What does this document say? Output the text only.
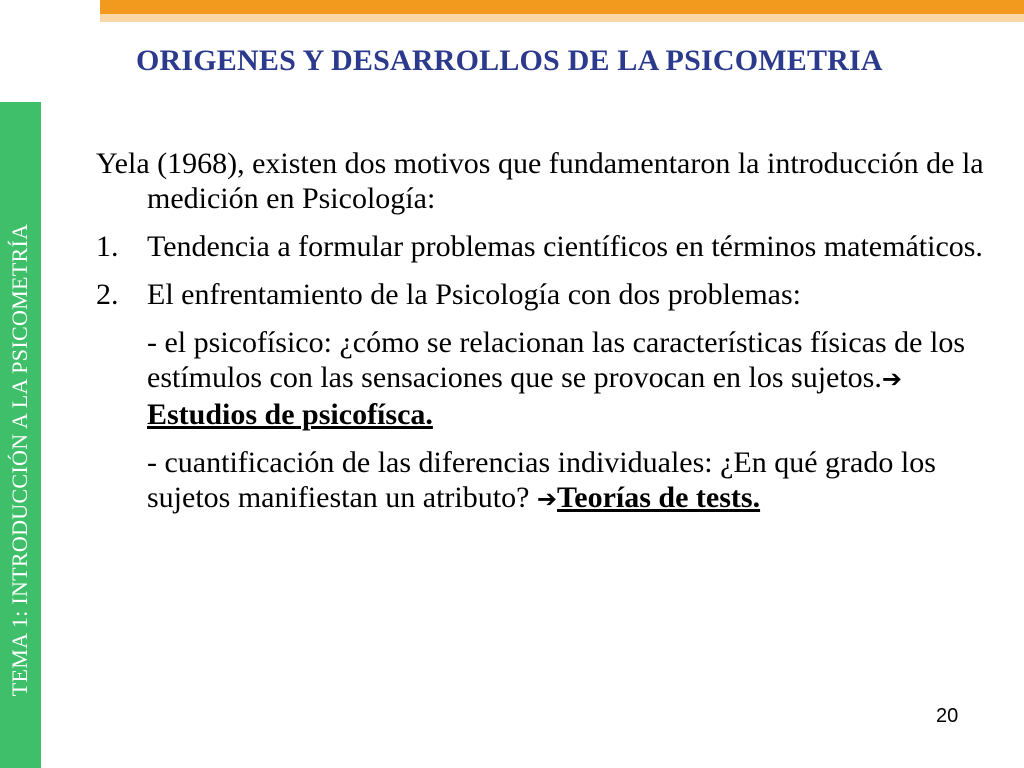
TEMA 1: INTRODUCCIÓN A LA PSICOMETRÍA
ORIGENES Y DESARROLLOS DE LA PSICOMETRIA

Yela (1968), existen dos motivos que fundamentaron la introducción de la medición en Psicología:

1. Tendencia a formular problemas científicos en términos matemáticos.
2. El enfrentamiento de la Psicología con dos problemas:

- el psicofísico: ¿cómo se relacionan las características físicas de los estímulos con las sensaciones que se provocan en los sujetos.➔ Estudios de psicofísca.

- cuantificación de las diferencias individuales: ¿En qué grado los sujetos manifiestan un atributo? ➔Teorías de tests.

20
